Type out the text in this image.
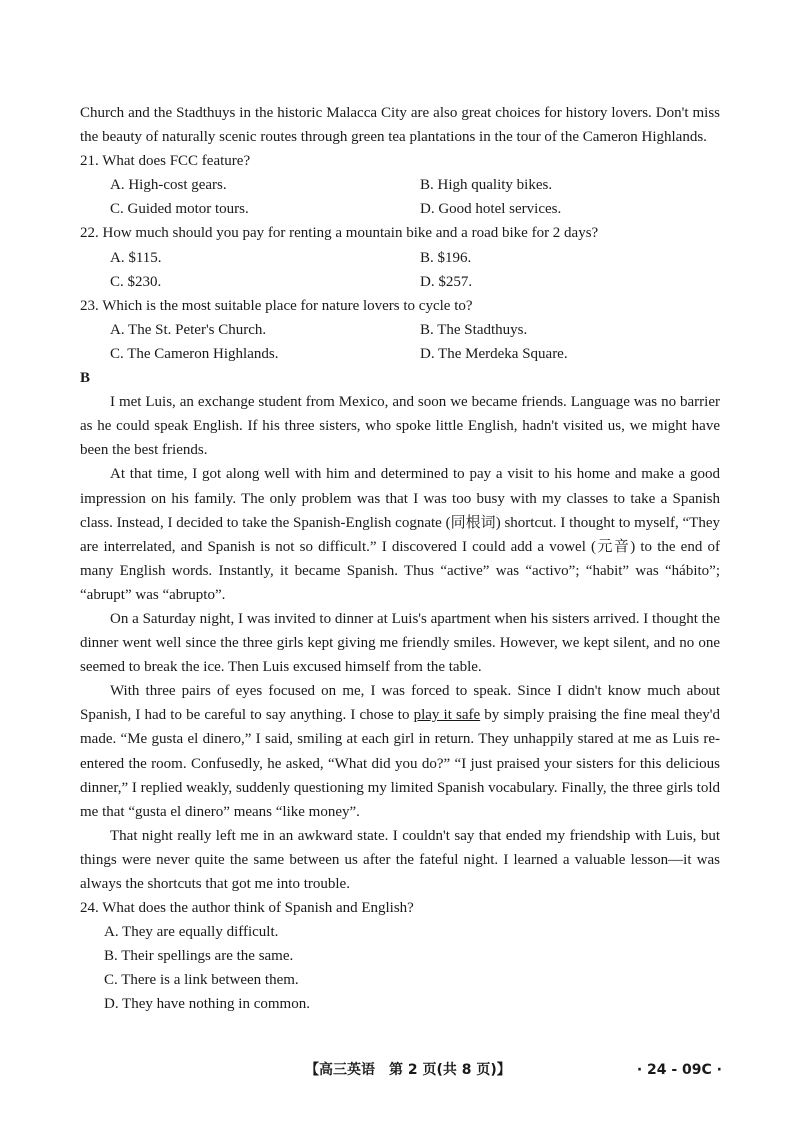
Church and the Stadthuys in the historic Malacca City are also great choices for history lovers. Don't miss the beauty of naturally scenic routes through green tea plantations in the tour of the Cameron Highlands.

21. What does FCC feature?

A. High-cost gears.	B. High quality bikes.
C. Guided motor tours.	D. Good hotel services.

22. How much should you pay for renting a mountain bike and a road bike for 2 days?

A. $115.	B. $196.
C. $230.	D. $257.

23. Which is the most suitable place for nature lovers to cycle to?

A. The St. Peter's Church.	B. The Stadthuys.
C. The Cameron Highlands.	D. The Merdeka Square.

B

I met Luis, an exchange student from Mexico, and soon we became friends. Language was no barrier as he could speak English. If his three sisters, who spoke little English, hadn't visited us, we might have been the best friends.

At that time, I got along well with him and determined to pay a visit to his home and make a good impression on his family. The only problem was that I was too busy with my classes to take a Spanish class. Instead, I decided to take the Spanish-English cognate (同根词) shortcut. I thought to myself, “They are interrelated, and Spanish is not so difficult.” I discovered I could add a vowel (元音) to the end of many English words. Instantly, it became Spanish. Thus “active” was “activo”; “habit” was “hábito”; “abrupt” was “abrupto”.

On a Saturday night, I was invited to dinner at Luis's apartment when his sisters arrived. I thought the dinner went well since the three girls kept giving me friendly smiles. However, we kept silent, and no one seemed to break the ice. Then Luis excused himself from the table.

With three pairs of eyes focused on me, I was forced to speak. Since I didn't know much about Spanish, I had to be careful to say anything. I chose to play it safe by simply praising the fine meal they'd made. “Me gusta el dinero,” I said, smiling at each girl in return. They unhappily stared at me as Luis re-entered the room. Confusedly, he asked, “What did you do?” “I just praised your sisters for this delicious dinner,” I replied weakly, suddenly questioning my limited Spanish vocabulary. Finally, the three girls told me that “gusta el dinero” means “like money”.

That night really left me in an awkward state. I couldn't say that ended my friendship with Luis, but things were never quite the same between us after the fateful night. I learned a valuable lesson—it was always the shortcuts that got me into trouble.

24. What does the author think of Spanish and English?

A. They are equally difficult.
B. Their spellings are the same.
C. There is a link between them.
D. They have nothing in common.
【高三英语　第 2 页(共 8 页)】	· 24 - 09C ·
